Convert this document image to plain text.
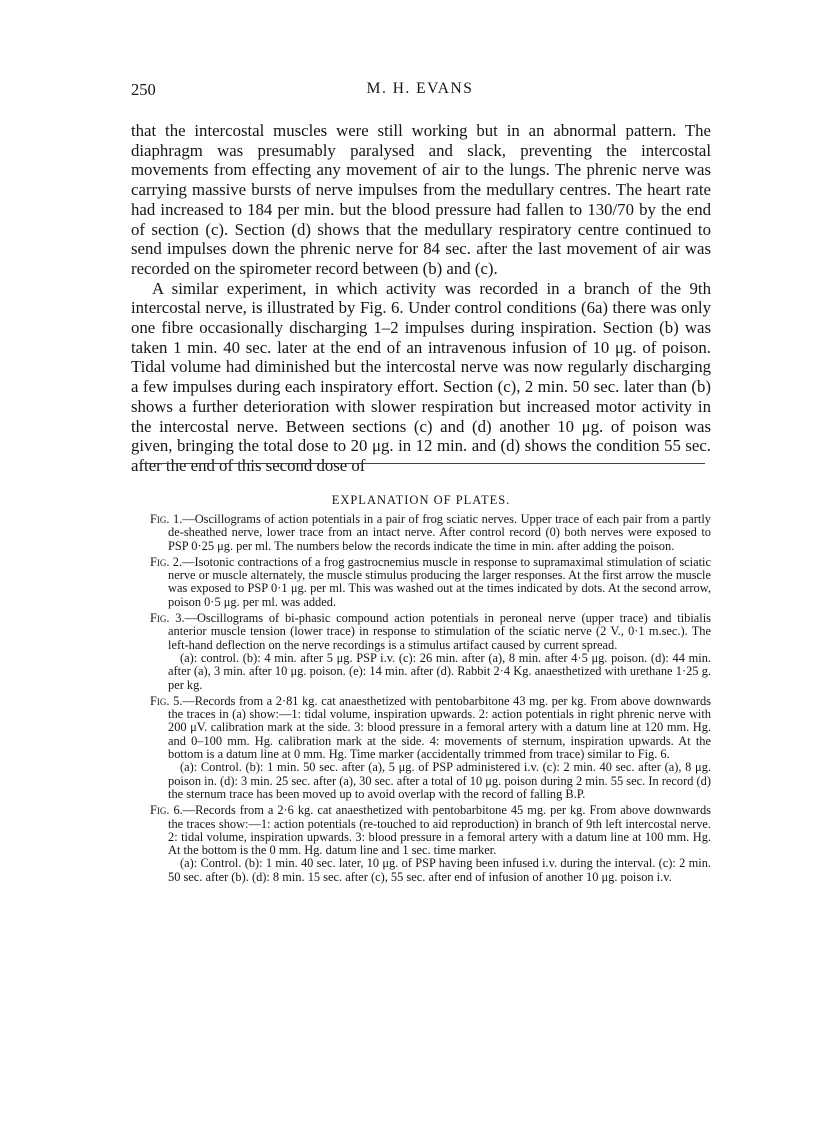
250	M. H. EVANS

that the intercostal muscles were still working but in an abnormal pattern. The diaphragm was presumably paralysed and slack, preventing the intercostal movements from effecting any movement of air to the lungs. The phrenic nerve was carrying massive bursts of nerve impulses from the medullary centres. The heart rate had increased to 184 per min. but the blood pressure had fallen to 130/70 by the end of section (c). Section (d) shows that the medullary respiratory centre continued to send impulses down the phrenic nerve for 84 sec. after the last movement of air was recorded on the spirometer record between (b) and (c).

A similar experiment, in which activity was recorded in a branch of the 9th intercostal nerve, is illustrated by Fig. 6. Under control conditions (6a) there was only one fibre occasionally discharging 1–2 impulses during inspiration. Section (b) was taken 1 min. 40 sec. later at the end of an intravenous infusion of 10 μg. of poison. Tidal volume had diminished but the intercostal nerve was now regularly discharging a few impulses during each inspiratory effort. Section (c), 2 min. 50 sec. later than (b) shows a further deterioration with slower respiration but increased motor activity in the intercostal nerve. Between sections (c) and (d) another 10 μg. of poison was given, bringing the total dose to 20 μg. in 12 min. and (d) shows the condition 55 sec. after the end of this second dose of

EXPLANATION OF PLATES.

Fig. 1.—Oscillograms of action potentials in a pair of frog sciatic nerves. Upper trace of each pair from a partly de-sheathed nerve, lower trace from an intact nerve. After control record (0) both nerves were exposed to PSP 0·25 μg. per ml. The numbers below the records indicate the time in min. after adding the poison.

Fig. 2.—Isotonic contractions of a frog gastrocnemius muscle in response to supramaximal stimulation of sciatic nerve or muscle alternately, the muscle stimulus producing the larger responses. At the first arrow the muscle was exposed to PSP 0·1 μg. per ml. This was washed out at the times indicated by dots. At the second arrow, poison 0·5 μg. per ml. was added.

Fig. 3.—Oscillograms of bi-phasic compound action potentials in peroneal nerve (upper trace) and tibialis anterior muscle tension (lower trace) in response to stimulation of the sciatic nerve (2 V., 0·1 m.sec.). The left-hand deflection on the nerve recordings is a stimulus artifact caused by current spread.
(a): control. (b): 4 min. after 5 μg. PSP i.v. (c): 26 min. after (a), 8 min. after 4·5 μg. poison. (d): 44 min. after (a), 3 min. after 10 μg. poison. (e): 14 min. after (d). Rabbit 2·4 Kg. anaesthetized with urethane 1·25 g. per kg.

Fig. 5.—Records from a 2·81 kg. cat anaesthetized with pentobarbitone 43 mg. per kg. From above downwards the traces in (a) show:—1: tidal volume, inspiration upwards. 2: action potentials in right phrenic nerve with 200 μV. calibration mark at the side. 3: blood pressure in a femoral artery with a datum line at 120 mm. Hg. and 0–100 mm. Hg. calibration mark at the side. 4: movements of sternum, inspiration upwards. At the bottom is a datum line at 0 mm. Hg. Time marker (accidentally trimmed from trace) similar to Fig. 6.
(a): Control. (b): 1 min. 50 sec. after (a), 5 μg. of PSP administered i.v. (c): 2 min. 40 sec. after (a), 8 μg. poison in. (d): 3 min. 25 sec. after (a), 30 sec. after a total of 10 μg. poison during 2 min. 55 sec. In record (d) the sternum trace has been moved up to avoid overlap with the record of falling B.P.

Fig. 6.—Records from a 2·6 kg. cat anaesthetized with pentobarbitone 45 mg. per kg. From above downwards the traces show:—1: action potentials (re-touched to aid reproduction) in branch of 9th left intercostal nerve. 2: tidal volume, inspiration upwards. 3: blood pressure in a femoral artery with a datum line at 100 mm. Hg. At the bottom is the 0 mm. Hg. datum line and 1 sec. time marker.
(a): Control. (b): 1 min. 40 sec. later, 10 μg. of PSP having been infused i.v. during the interval. (c): 2 min. 50 sec. after (b). (d): 8 min. 15 sec. after (c), 55 sec. after end of infusion of another 10 μg. poison i.v.
